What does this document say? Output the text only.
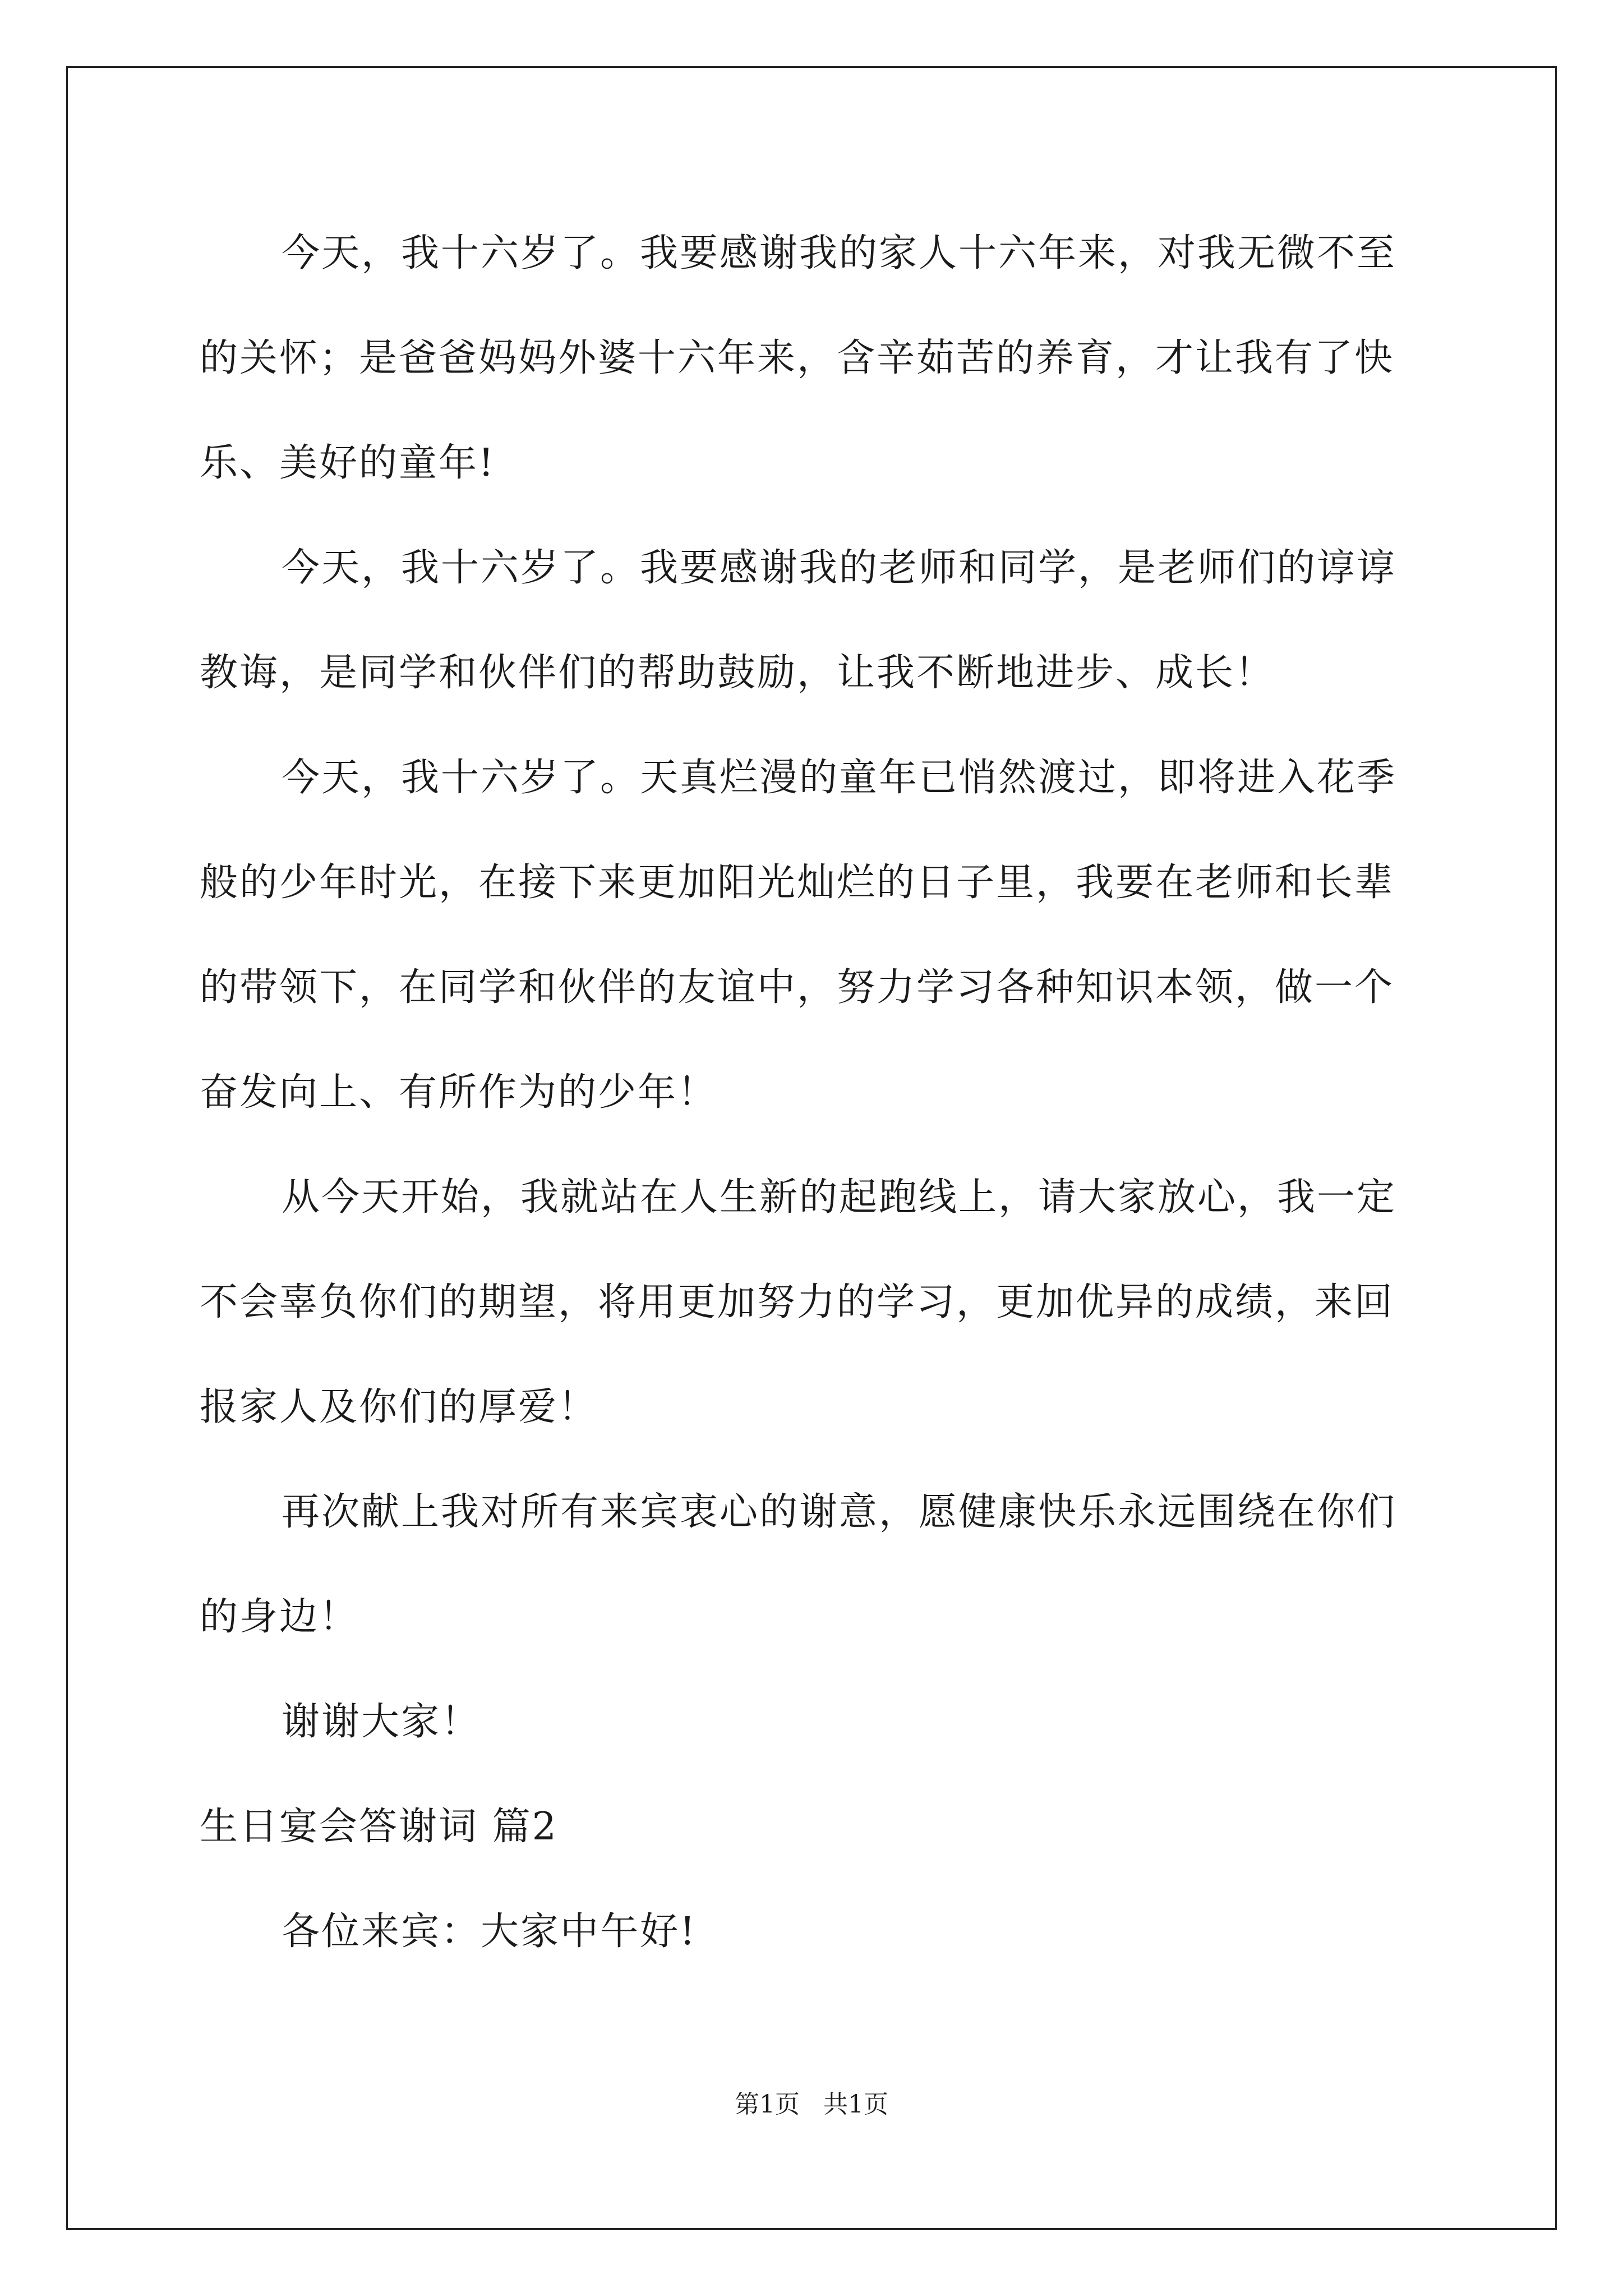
今天，我十六岁了。我要感谢我的家人十六年来，对我无微不至
的关怀；是爸爸妈妈外婆十六年来，含辛茹苦的养育，才让我有了快
乐、美好的童年!
今天，我十六岁了。我要感谢我的老师和同学，是老师们的谆谆
教诲，是同学和伙伴们的帮助鼓励，让我不断地进步、成长！
今天，我十六岁了。天真烂漫的童年已悄然渡过，即将进入花季
般的少年时光，在接下来更加阳光灿烂的日子里，我要在老师和长辈
的带领下，在同学和伙伴的友谊中，努力学习各种知识本领，做一个
奋发向上、有所作为的少年！
从今天开始，我就站在人生新的起跑线上，请大家放心，我一定
不会辜负你们的期望，将用更加努力的学习，更加优异的成绩，来回
报家人及你们的厚爱！
再次献上我对所有来宾衷心的谢意，愿健康快乐永远围绕在你们
的身边！
谢谢大家！
生日宴会答谢词 篇2
各位来宾：大家中午好!
第1页   共1页
